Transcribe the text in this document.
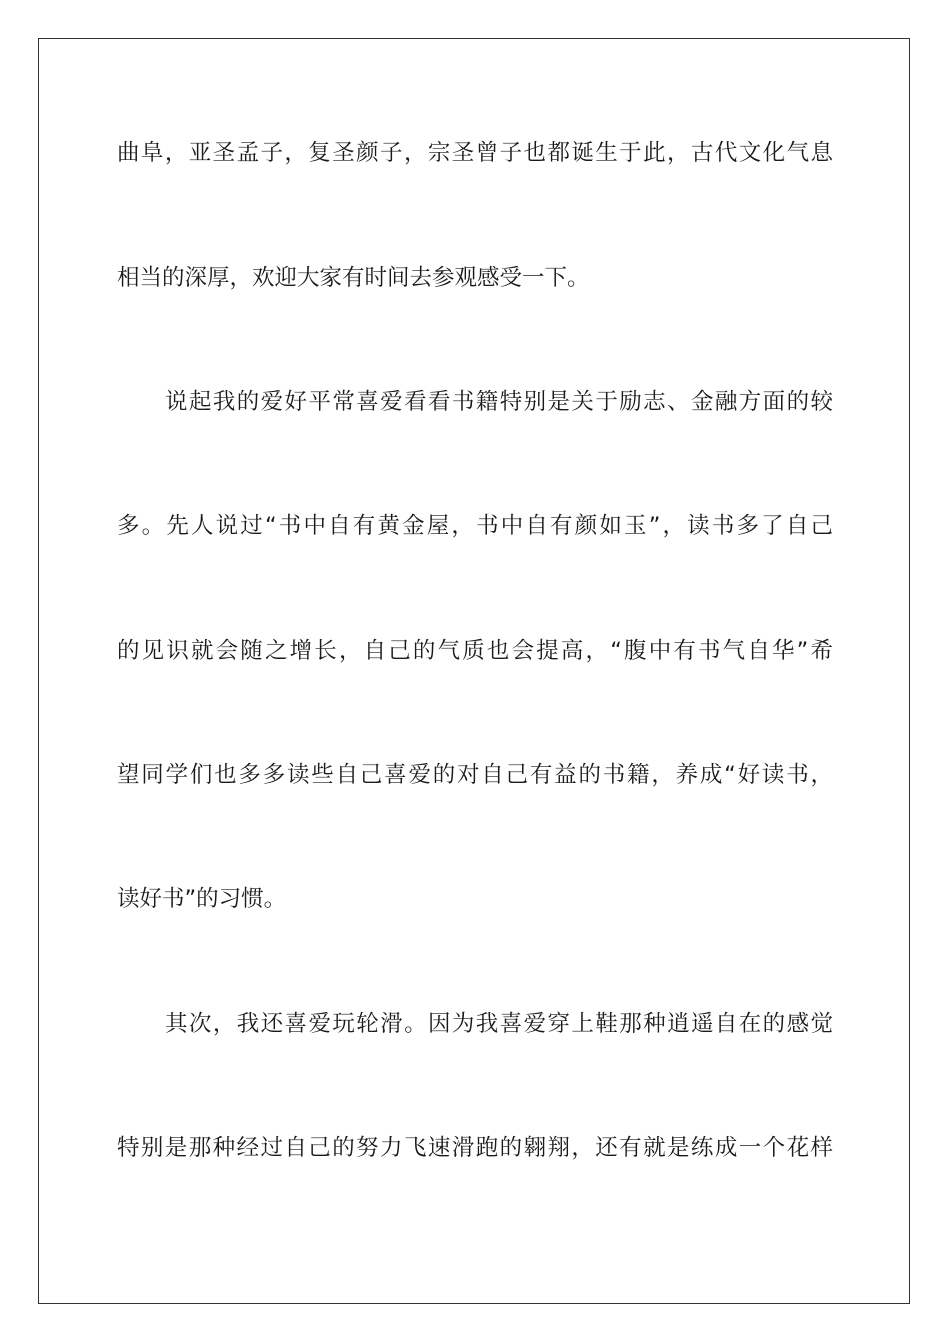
曲阜，亚圣孟子，复圣颜子，宗圣曾子也都诞生于此，古代文化气息
相当的深厚，欢迎大家有时间去参观感受一下。
说起我的爱好平常喜爱看看书籍特别是关于励志、金融方面的较
多。先人说过“书中自有黄金屋，书中自有颜如玉”，读书多了自己
的见识就会随之增长，自己的气质也会提高，“腹中有书气自华”希
望同学们也多多读些自己喜爱的对自己有益的书籍，养成“好读书，
读好书”的习惯。
其次，我还喜爱玩轮滑。因为我喜爱穿上鞋那种逍遥自在的感觉
特别是那种经过自己的努力飞速滑跑的翱翔，还有就是练成一个花样
